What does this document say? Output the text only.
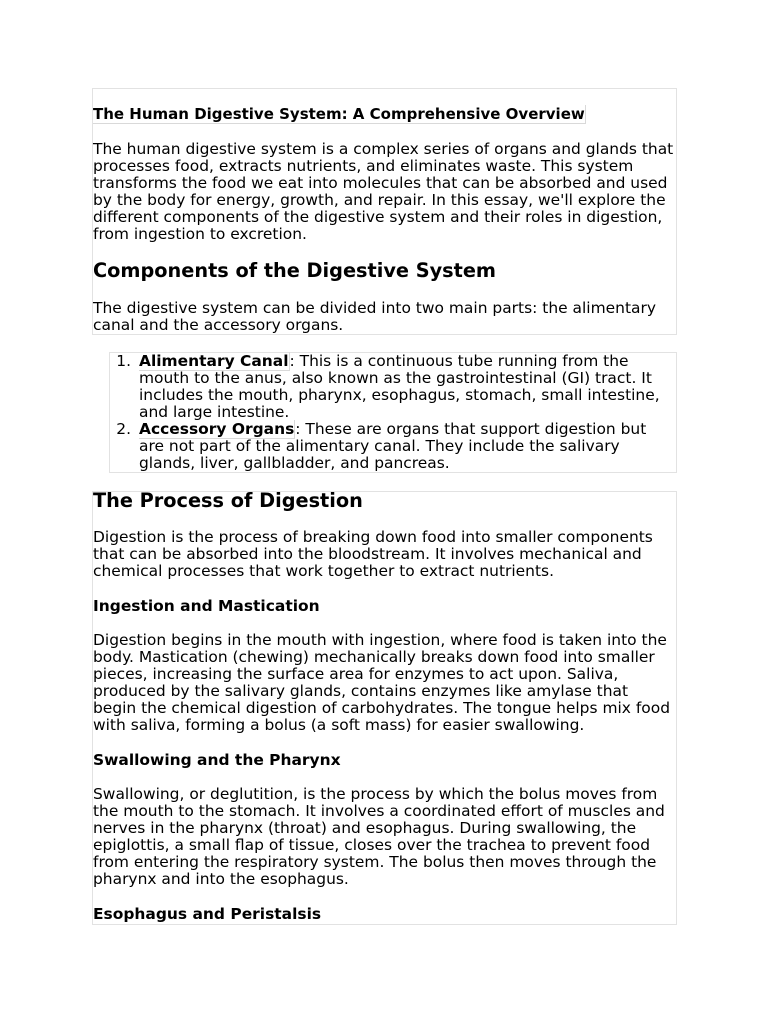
The Human Digestive System: A Comprehensive Overview

The human digestive system is a complex series of organs and glands that
processes food, extracts nutrients, and eliminates waste. This system
transforms the food we eat into molecules that can be absorbed and used
by the body for energy, growth, and repair. In this essay, we'll explore the
different components of the digestive system and their roles in digestion,
from ingestion to excretion.

Components of the Digestive System

The digestive system can be divided into two main parts: the alimentary
canal and the accessory organs.

1. Alimentary Canal: This is a continuous tube running from the
mouth to the anus, also known as the gastrointestinal (GI) tract. It
includes the mouth, pharynx, esophagus, stomach, small intestine,
and large intestine.
2. Accessory Organs: These are organs that support digestion but
are not part of the alimentary canal. They include the salivary
glands, liver, gallbladder, and pancreas.
The Process of Digestion

Digestion is the process of breaking down food into smaller components
that can be absorbed into the bloodstream. It involves mechanical and
chemical processes that work together to extract nutrients.

Ingestion and Mastication

Digestion begins in the mouth with ingestion, where food is taken into the
body. Mastication (chewing) mechanically breaks down food into smaller
pieces, increasing the surface area for enzymes to act upon. Saliva,
produced by the salivary glands, contains enzymes like amylase that
begin the chemical digestion of carbohydrates. The tongue helps mix food
with saliva, forming a bolus (a soft mass) for easier swallowing.

Swallowing and the Pharynx

Swallowing, or deglutition, is the process by which the bolus moves from
the mouth to the stomach. It involves a coordinated effort of muscles and
nerves in the pharynx (throat) and esophagus. During swallowing, the
epiglottis, a small flap of tissue, closes over the trachea to prevent food
from entering the respiratory system. The bolus then moves through the
pharynx and into the esophagus.

Esophagus and Peristalsis
